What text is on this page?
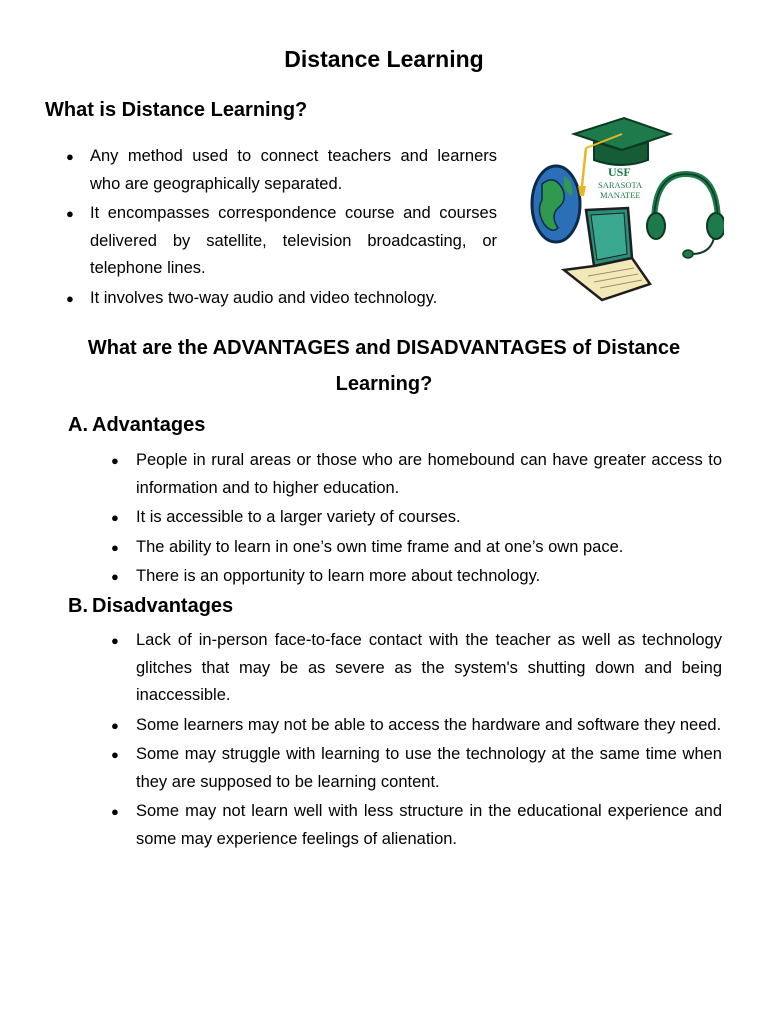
Distance Learning
What is Distance Learning?
● Any method used to connect teachers and learners who are geographically separated.
● It encompasses correspondence course and courses delivered by satellite, television broadcasting, or telephone lines.
● It involves two-way audio and video technology.
USF
SARASOTA
MANATEE
What are the ADVANTAGES and DISADVANTAGES of Distance Learning?
A. Advantages
● People in rural areas or those who are homebound can have greater access to information and to higher education.
● It is accessible to a larger variety of courses.
● The ability to learn in one’s own time frame and at one’s own pace.
● There is an opportunity to learn more about technology.
B. Disadvantages
● Lack of in-person face-to-face contact with the teacher as well as technology glitches that may be as severe as the system's shutting down and being inaccessible.
● Some learners may not be able to access the hardware and software they need.
● Some may struggle with learning to use the technology at the same time when they are supposed to be learning content.
● Some may not learn well with less structure in the educational experience and some may experience feelings of alienation.
